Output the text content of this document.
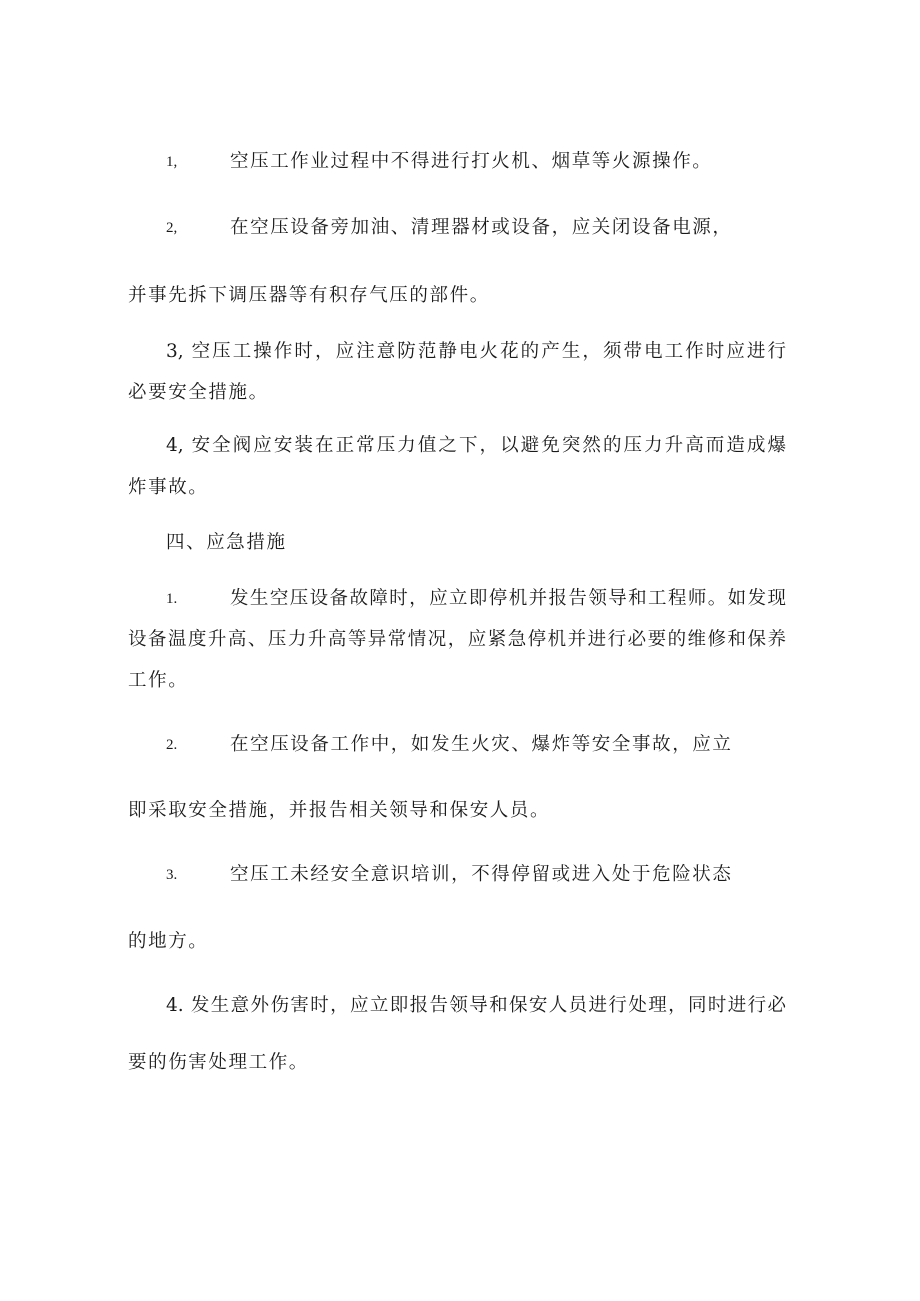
1,	空压工作业过程中不得进行打火机、烟草等火源操作。
2,	在空压设备旁加油、清理器材或设备，应关闭设备电源，
并事先拆下调压器等有积存气压的部件。
3, 空压工操作时，应注意防范静电火花的产生，须带电工作时应进行
必要安全措施。
4, 安全阀应安装在正常压力值之下，以避免突然的压力升高而造成爆
炸事故。
四、应急措施
1.	发生空压设备故障时，应立即停机并报告领导和工程师。如发现
设备温度升高、压力升高等异常情况，应紧急停机并进行必要的维修和保养
工作。
2.	在空压设备工作中，如发生火灾、爆炸等安全事故，应立
即采取安全措施，并报告相关领导和保安人员。
3.	空压工未经安全意识培训，不得停留或进入处于危险状态
的地方。
4. 发生意外伤害时，应立即报告领导和保安人员进行处理，同时进行必
要的伤害处理工作。
